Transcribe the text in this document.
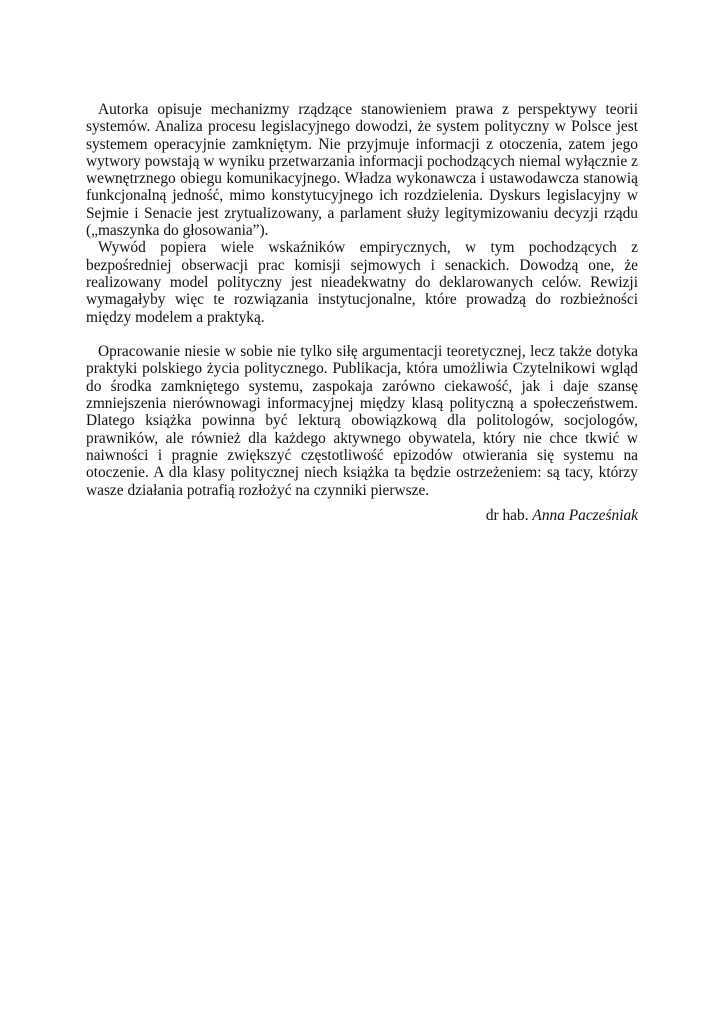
Autorka opisuje mechanizmy rządzące stanowieniem prawa z perspektywy teorii systemów. Analiza procesu legislacyjnego dowodzi, że system polityczny w Polsce jest systemem operacyjnie zamkniętym. Nie przyjmuje informacji z otoczenia, zatem jego wytwory powstają w wyniku przetwarzania informacji pochodzących niemal wyłącznie z wewnętrznego obiegu komunikacyjnego. Władza wykonawcza i ustawodawcza stanowią funkcjonalną jedność, mimo konstytucyjnego ich rozdzielenia. Dyskurs legislacyjny w Sejmie i Senacie jest zrytualizowany, a parlament służy legitymizowaniu decyzji rządu („maszynka do głosowania”).

Wywód popiera wiele wskaźników empirycznych, w tym pochodzących z bezpośredniej obserwacji prac komisji sejmowych i senackich. Dowodzą one, że realizowany model polityczny jest nieadekwatny do deklarowanych celów. Rewizji wymagałyby więc te rozwiązania instytucjonalne, które prowadzą do rozbieżności między modelem a praktyką.

Opracowanie niesie w sobie nie tylko siłę argumentacji teoretycznej, lecz także dotyka praktyki polskiego życia politycznego. Publikacja, która umożliwia Czytelnikowi wgląd do środka zamkniętego systemu, zaspokaja zarówno ciekawość, jak i daje szansę zmniejszenia nierównowagi informacyjnej między klasą polityczną a społeczeństwem. Dlatego książka powinna być lekturą obowiązkową dla politologów, socjologów, prawników, ale również dla każdego aktywnego obywatela, który nie chce tkwić w naiwności i pragnie zwiększyć częstotliwość epizodów otwierania się systemu na otoczenie. A dla klasy politycznej niech książka ta będzie ostrzeżeniem: są tacy, którzy wasze działania potrafią rozłożyć na czynniki pierwsze.

dr hab. Anna Pacześniak
